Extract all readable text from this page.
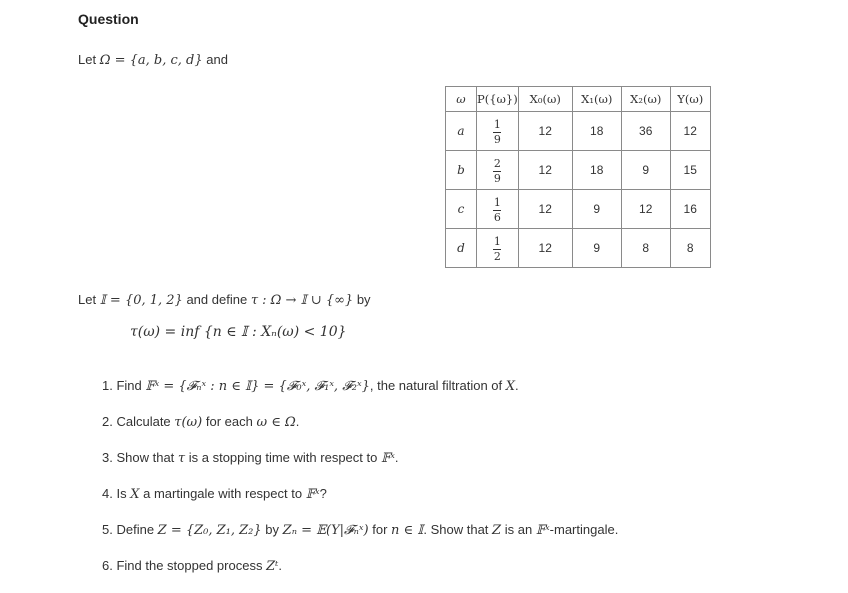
Question
Let Ω = {a, b, c, d} and
ω	P({ω})	X₀(ω)	X₁(ω)	X₂(ω)	Y(ω)
a	$\frac{1}{9}$	12	18	36	12
b	$\frac{2}{9}$	12	18	9	15
c	$\frac{1}{6}$	12	9	12	16
d	$\frac{1}{2}$	12	9	8	8
Let 𝕀 = {0, 1, 2} and define τ : Ω → 𝕀 ∪ {∞} by
τ(ω) = inf {n ∈ 𝕀 : Xₙ(ω) < 10}
1. Find 𝔽ˣ = {𝓕ₙˣ : n ∈ 𝕀} = {𝓕₀ˣ, 𝓕₁ˣ, 𝓕₂ˣ}, the natural filtration of X.
2. Calculate τ(ω) for each ω ∈ Ω.
3. Show that τ is a stopping time with respect to 𝔽ˣ.
4. Is X a martingale with respect to 𝔽ˣ?
5. Define Z = {Z₀, Z₁, Z₂} by Zₙ = 𝔼(Y|𝓕ₙˣ) for n ∈ 𝕀. Show that Z is an 𝔽ˣ-martingale.
6. Find the stopped process Zᵗ.
